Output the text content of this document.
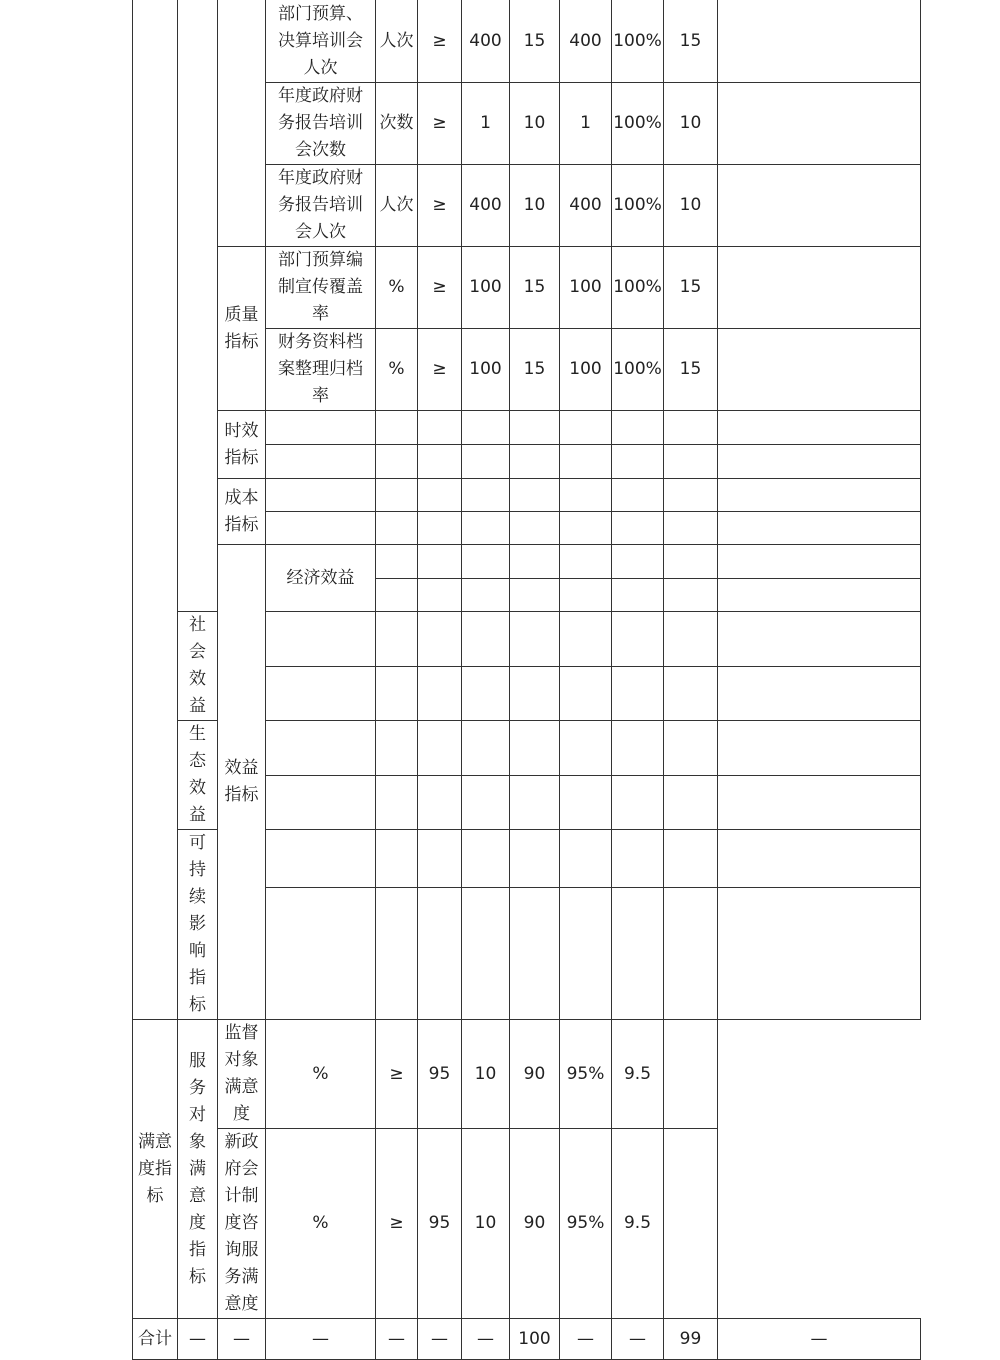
			部门预算、决算培训会人次	人次	≥	400	15	400	100%	15		
			年度政府财务报告培训会次数	次数	≥	1	10	1	100%	10		
			年度政府财务报告培训会人次	人次	≥	400	10	400	100%	10		
		质量指标	部门预算编制宣传覆盖率	%	≥	100	15	100	100%	15		
			财务资料档案整理归档率	%	≥	100	15	100	100%	15		
		时效指标										

		成本指标										

		效益指标	经济效益									

	社会效益											

	生态效益											

	可持续影响指标											

满意度指标	服务对象满意度指标	监督对象满意度	%	≥	95	10	90	95%	9.5			
		新政府会计制度咨询服务满意度	%	≥	95	10	90	95%	9.5			
合计	—	—	—	—	—	—	100	—	—	99	—	
